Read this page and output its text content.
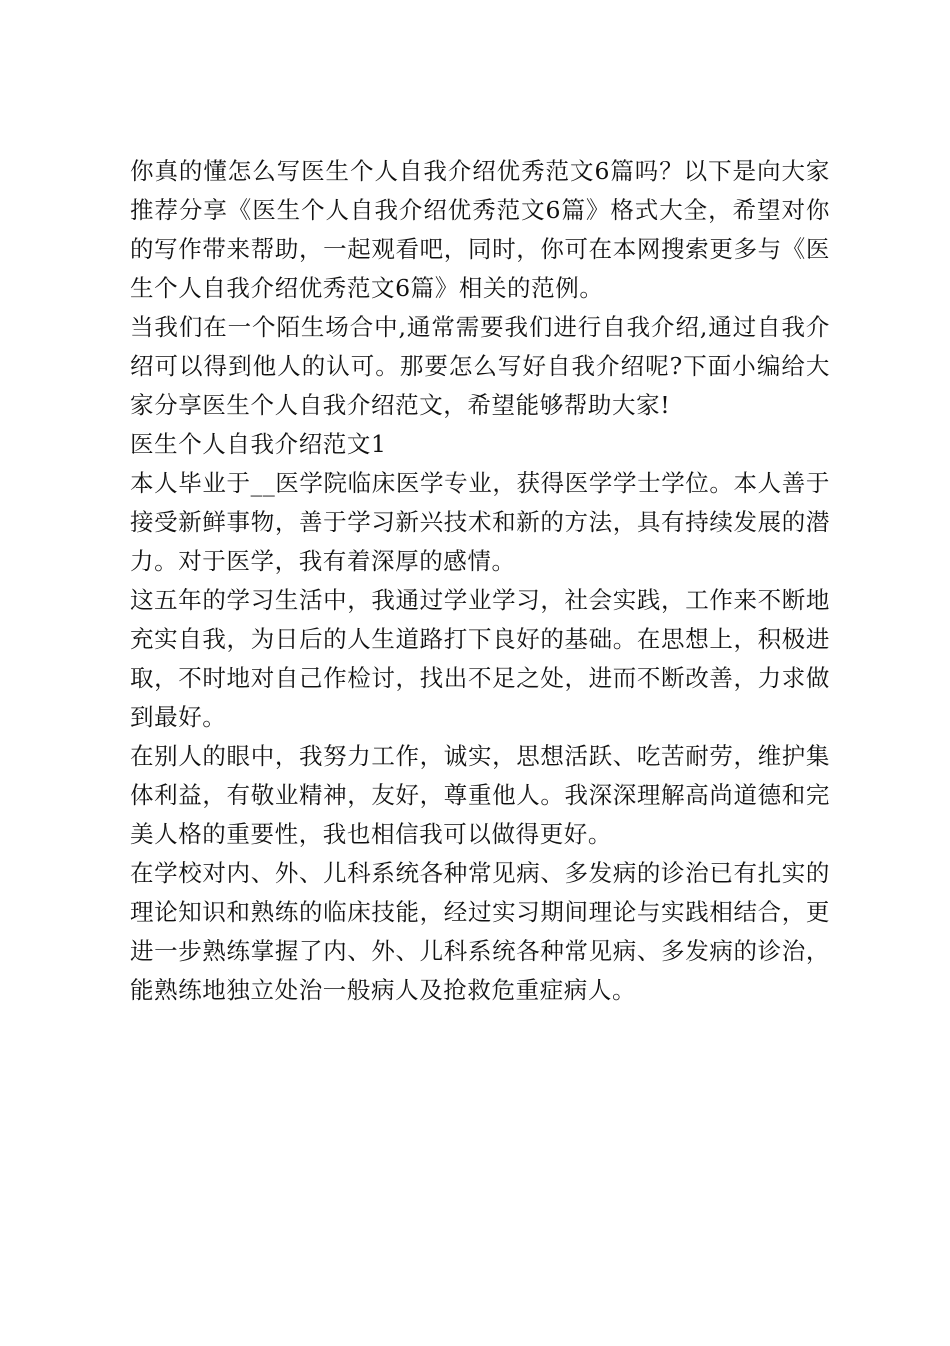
你真的懂怎么写医生个人自我介绍优秀范文6篇吗？以下是向大家推荐分享《医生个人自我介绍优秀范文6篇》格式大全，希望对你的写作带来帮助，一起观看吧，同时，你可在本网搜索更多与《医生个人自我介绍优秀范文6篇》相关的范例。

当我们在一个陌生场合中,通常需要我们进行自我介绍,通过自我介绍可以得到他人的认可。那要怎么写好自我介绍呢?下面小编给大家分享医生个人自我介绍范文，希望能够帮助大家!

医生个人自我介绍范文1

本人毕业于__医学院临床医学专业，获得医学学士学位。本人善于接受新鲜事物，善于学习新兴技术和新的方法，具有持续发展的潜力。对于医学，我有着深厚的感情。

这五年的学习生活中，我通过学业学习，社会实践，工作来不断地充实自我，为日后的人生道路打下良好的基础。在思想上，积极进取，不时地对自己作检讨，找出不足之处，进而不断改善，力求做到最好。

在别人的眼中，我努力工作，诚实，思想活跃、吃苦耐劳，维护集体利益，有敬业精神，友好，尊重他人。我深深理解高尚道德和完美人格的重要性，我也相信我可以做得更好。

在学校对内、外、儿科系统各种常见病、多发病的诊治已有扎实的理论知识和熟练的临床技能，经过实习期间理论与实践相结合，更进一步熟练掌握了内、外、儿科系统各种常见病、多发病的诊治，能熟练地独立处治一般病人及抢救危重症病人。
